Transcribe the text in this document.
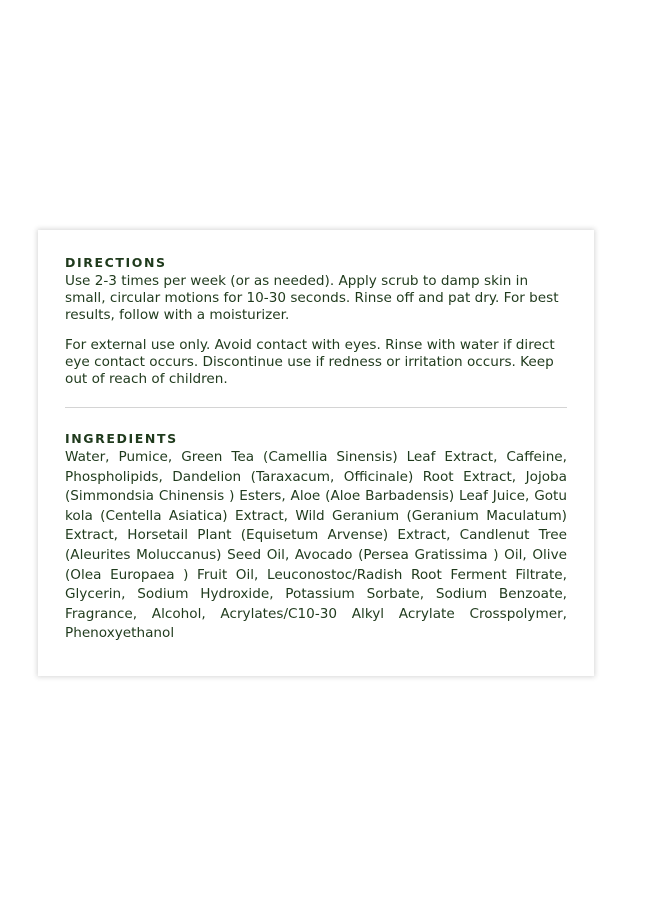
DIRECTIONS

Use 2-3 times per week (or as needed). Apply scrub to damp skin in small, circular motions for 10-30 seconds. Rinse off and pat dry. For best results, follow with a moisturizer.

For external use only. Avoid contact with eyes. Rinse with water if direct eye contact occurs. Discontinue use if redness or irritation occurs. Keep out of reach of children.

INGREDIENTS

Water, Pumice, Green Tea (Camellia Sinensis) Leaf Extract, Caffeine, Phospholipids, Dandelion (Taraxacum, Officinale) Root Extract, Jojoba (Simmondsia Chinensis ) Esters, Aloe (Aloe Barbadensis) Leaf Juice, Gotu kola (Centella Asiatica) Extract, Wild Geranium (Geranium Maculatum) Extract, Horsetail Plant (Equisetum Arvense) Extract, Candlenut Tree (Aleurites Moluccanus) Seed Oil, Avocado (Persea Gratissima ) Oil, Olive (Olea Europaea ) Fruit Oil, Leuconostoc/Radish Root Ferment Filtrate, Glycerin, Sodium Hydroxide, Potassium Sorbate, Sodium Benzoate, Fragrance, Alcohol, Acrylates/C10-30 Alkyl Acrylate Crosspolymer, Phenoxyethanol
